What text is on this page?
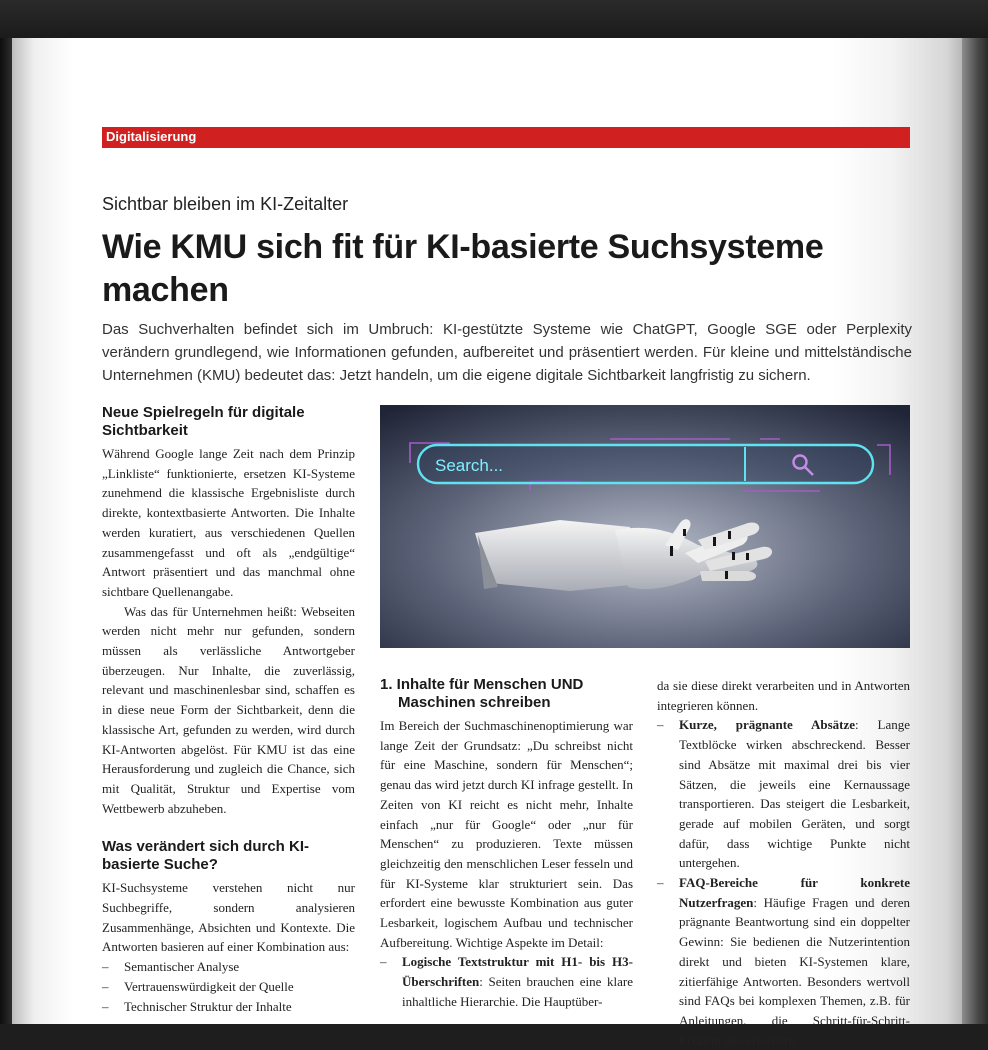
Digitalisierung
Sichtbar bleiben im KI-Zeitalter
Wie KMU sich fit für KI-basierte Suchsysteme machen

Das Suchverhalten befindet sich im Umbruch: KI-gestützte Systeme wie ChatGPT, Google SGE oder Perplexity verändern grundlegend, wie Informationen gefunden, aufbereitet und präsentiert werden. Für kleine und mittelständische Unternehmen (KMU) bedeutet das: Jetzt handeln, um die eigene digitale Sichtbarkeit langfristig zu sichern.

Neue Spielregeln für digitale Sichtbarkeit

Während Google lange Zeit nach dem Prinzip „Linkliste“ funktionierte, ersetzen KI-Systeme zunehmend die klassische Ergebnisliste durch direkte, kontextbasierte Antworten. Die Inhalte werden kuratiert, aus verschiedenen Quellen zusammengefasst und oft als „endgültige“ Antwort präsentiert und das manchmal ohne sichtbare Quellenangabe.

Was das für Unternehmen heißt: Webseiten werden nicht mehr nur gefunden, sondern müssen als verlässliche Antwortgeber überzeugen. Nur Inhalte, die zuverlässig, relevant und maschinenlesbar sind, schaffen es in diese neue Form der Sichtbarkeit, denn die klassische Art, gefunden zu werden, wird durch KI-Antworten abgelöst. Für KMU ist das eine Herausforderung und zugleich die Chance, sich mit Qualität, Struktur und Expertise vom Wettbewerb abzuheben.

Was verändert sich durch KI-basierte Suche?

KI-Suchsysteme verstehen nicht nur Suchbegriffe, sondern analysieren Zusammenhänge, Absichten und Kontexte. Die Antworten basieren auf einer Kombination aus:

– Semantischer Analyse
– Vertrauenswürdigkeit der Quelle
– Technischer Struktur der Inhalte
Search...
1. Inhalte für Menschen UND Maschinen schreiben

Im Bereich der Suchmaschinenoptimierung war lange Zeit der Grundsatz: „Du schreibst nicht für eine Maschine, sondern für Menschen“; genau das wird jetzt durch KI infrage gestellt. In Zeiten von KI reicht es nicht mehr, Inhalte einfach „nur für Google“ oder „nur für Menschen“ zu produzieren. Texte müssen gleichzeitig den menschlichen Leser fesseln und für KI-Systeme klar strukturiert sein. Das erfordert eine bewusste Kombination aus guter Lesbarkeit, logischem Aufbau und technischer Aufbereitung. Wichtige Aspekte im Detail:

– Logische Textstruktur mit H1- bis H3-Überschriften: Seiten brauchen eine klare inhaltliche Hierarchie. Die Hauptüber-

da sie diese direkt verarbeiten und in Antworten integrieren können.

– Kurze, prägnante Absätze: Lange Textblöcke wirken abschreckend. Besser sind Absätze mit maximal drei bis vier Sätzen, die jeweils eine Kernaussage transportieren. Das steigert die Lesbarkeit, gerade auf mobilen Geräten, und sorgt dafür, dass wichtige Punkte nicht untergehen.
– FAQ-Bereiche für konkrete Nutzerfragen: Häufige Fragen und deren prägnante Beantwortung sind ein doppelter Gewinn: Sie bedienen die Nutzerintention direkt und bieten KI-Systemen klare, zitierfähige Antworten. Besonders wertvoll sind FAQs bei komplexen Themen, z.B. für Anleitungen, die Schritt-für-Schritt-Erklärungen erfordern.
